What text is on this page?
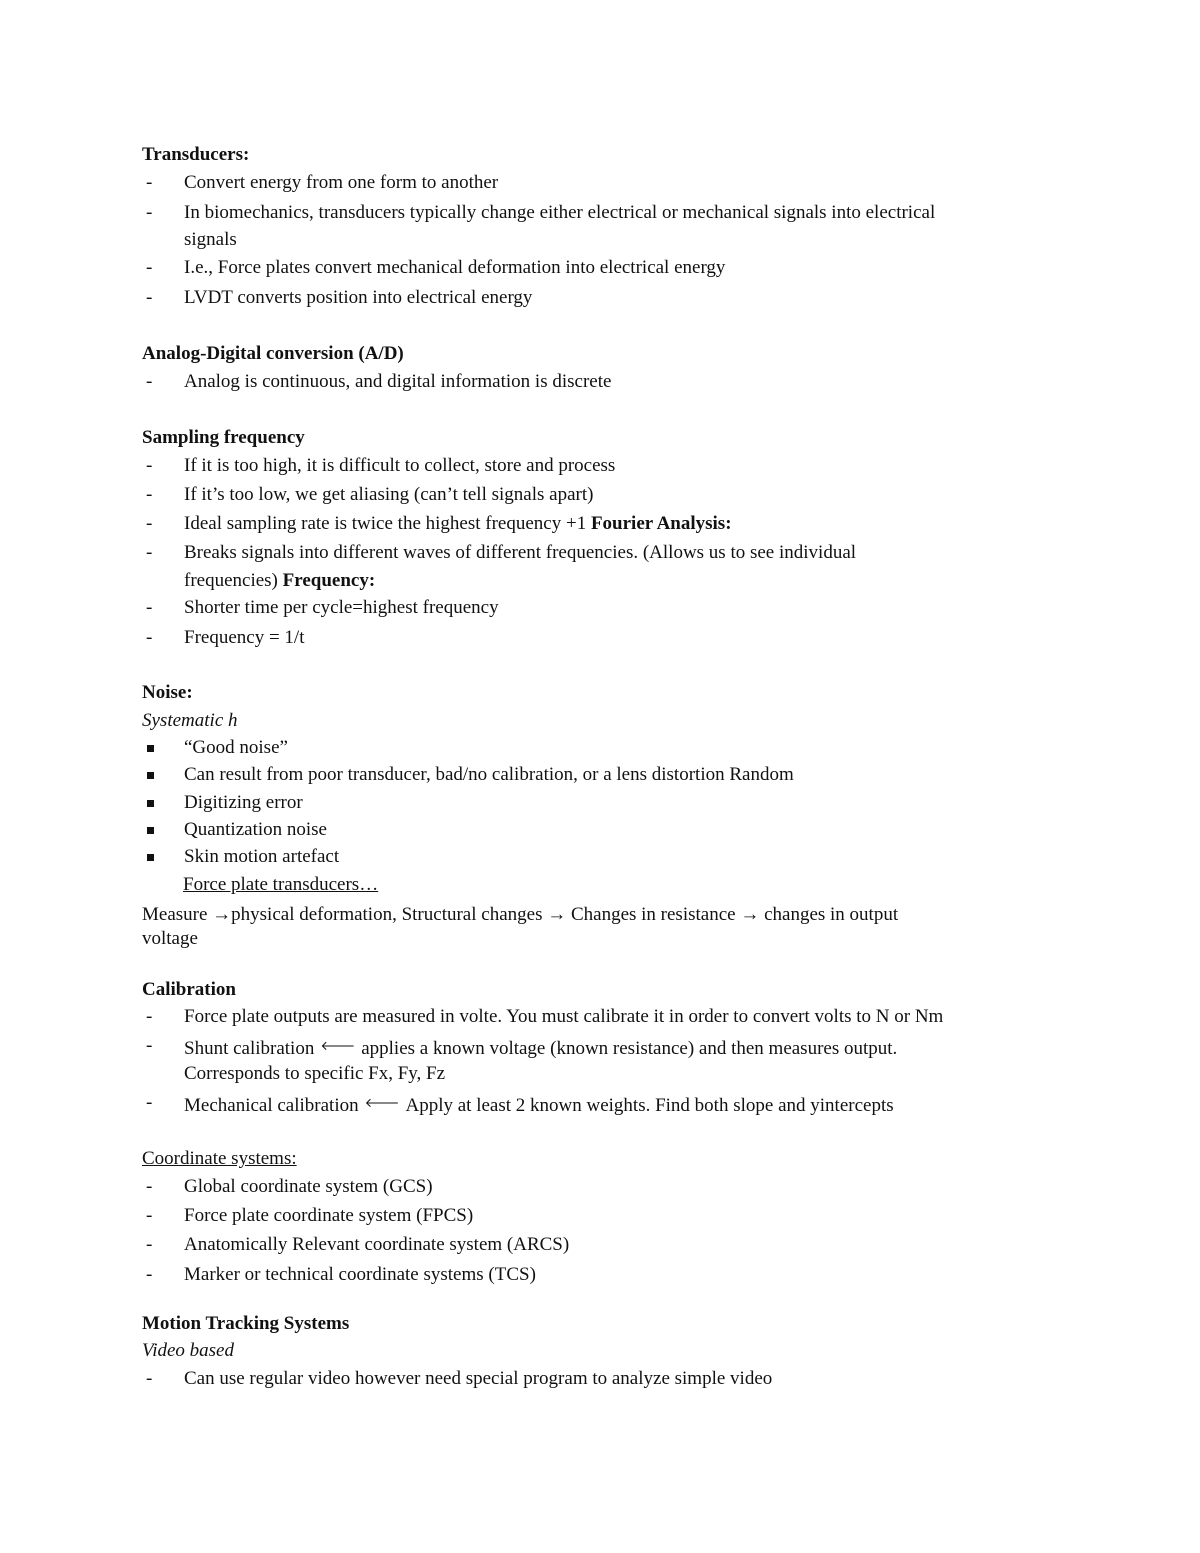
Transducers:
-	Convert energy from one form to another
-	In biomechanics, transducers typically change either electrical or mechanical signals into electrical
signals
-	I.e., Force plates convert mechanical deformation into electrical energy
-	LVDT converts position into electrical energy
Analog-Digital conversion (A/D)
-	Analog is continuous, and digital information is discrete
Sampling frequency
-	If it is too high, it is difficult to collect, store and process
-	If it’s too low, we get aliasing (can’t tell signals apart)
-	Ideal sampling rate is twice the highest frequency +1 Fourier Analysis:
-	Breaks signals into different waves of different frequencies. (Allows us to see individual
frequencies) Frequency:
-	Shorter time per cycle=highest frequency
-	Frequency = 1/t
Noise:
Systematic h
“Good noise”
Can result from poor transducer, bad/no calibration, or a lens distortion Random
Digitizing error
Quantization noise
Skin motion artefact
Force plate transducers…
Measure →physical deformation, Structural changes → Changes in resistance → changes in output
voltage
Calibration
-	Force plate outputs are measured in volte. You must calibrate it in order to convert volts to N or Nm
-	Shunt calibration 🡐 applies a known voltage (known resistance) and then measures output.
Corresponds to specific Fx, Fy, Fz
-	Mechanical calibration 🡐 Apply at least 2 known weights. Find both slope and yintercepts
Coordinate systems:
-	Global coordinate system (GCS)
-	Force plate coordinate system (FPCS)
-	Anatomically Relevant coordinate system (ARCS)
-	Marker or technical coordinate systems (TCS)
Motion Tracking Systems
Video based
-	Can use regular video however need special program to analyze simple video
